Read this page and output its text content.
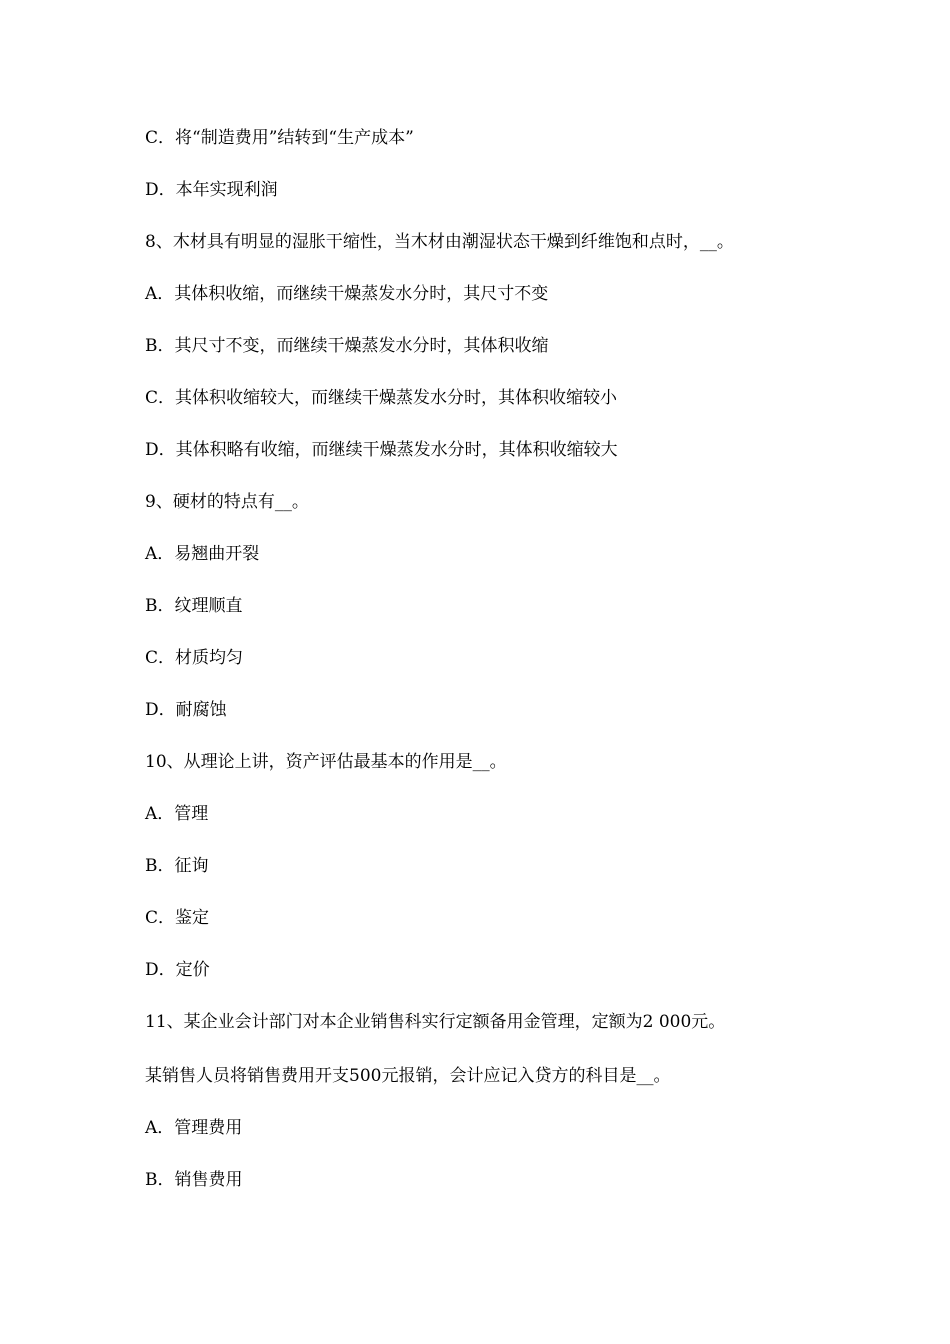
C．将“制造费用”结转到“生产成本”
D．本年实现利润
8、木材具有明显的湿胀干缩性，当木材由潮湿状态干燥到纤维饱和点时，__。
A．其体积收缩，而继续干燥蒸发水分时，其尺寸不变
B．其尺寸不变，而继续干燥蒸发水分时，其体积收缩
C．其体积收缩较大，而继续干燥蒸发水分时，其体积收缩较小
D．其体积略有收缩，而继续干燥蒸发水分时，其体积收缩较大
9、硬材的特点有__。
A．易翘曲开裂
B．纹理顺直
C．材质均匀
D．耐腐蚀
10、从理论上讲，资产评估最基本的作用是__。
A．管理
B．征询
C．鉴定
D．定价
11、某企业会计部门对本企业销售科实行定额备用金管理，定额为2 000元。
某销售人员将销售费用开支500元报销，会计应记入贷方的科目是__。
A．管理费用
B．销售费用
